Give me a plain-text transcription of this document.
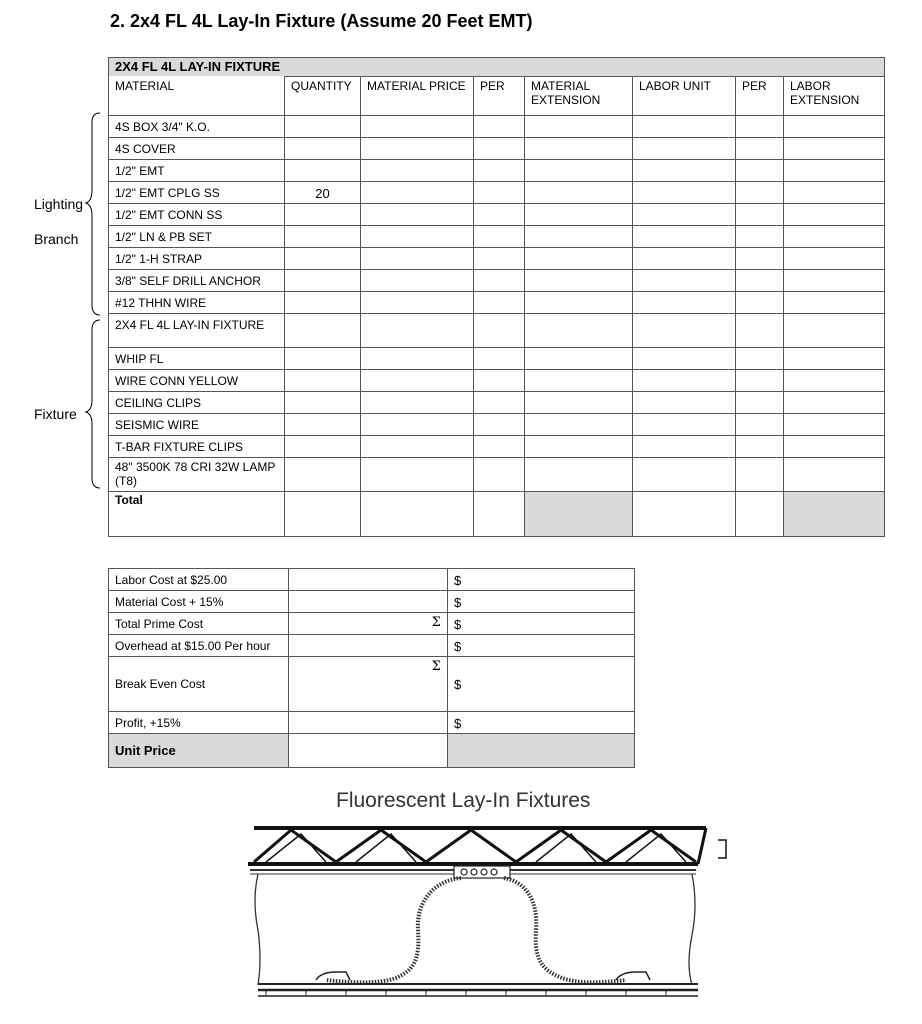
2. 2x4 FL 4L Lay-In Fixture (Assume 20 Feet EMT)
2X4 FL 4L LAY-IN FIXTURE							
MATERIAL	QUANTITY	MATERIAL PRICE	PER	MATERIAL EXTENSION	LABOR UNIT	PER	LABOR EXTENSION
4S BOX 3/4" K.O.							
4S COVER							
1/2" EMT							
1/2" EMT CPLG SS	20						
1/2" EMT CONN SS							
1/2" LN & PB SET							
1/2" 1-H STRAP							
3/8" SELF DRILL ANCHOR							
#12 THHN WIRE							
2X4 FL 4L LAY-IN FIXTURE							
WHIP FL							
WIRE CONN YELLOW							
CEILING CLIPS							
SEISMIC WIRE							
T-BAR FIXTURE CLIPS							
48" 3500K 78 CRI 32W LAMP (T8)							
Total							
Lighting
Branch
Fixture
Labor Cost at $25.00		$
Material Cost + 15%		$
Total Prime Cost	Σ	$
Overhead at $15.00 Per hour		$
Break Even Cost	Σ	$
Profit, +15%		$
Unit Price		
Fluorescent Lay-In Fixtures
